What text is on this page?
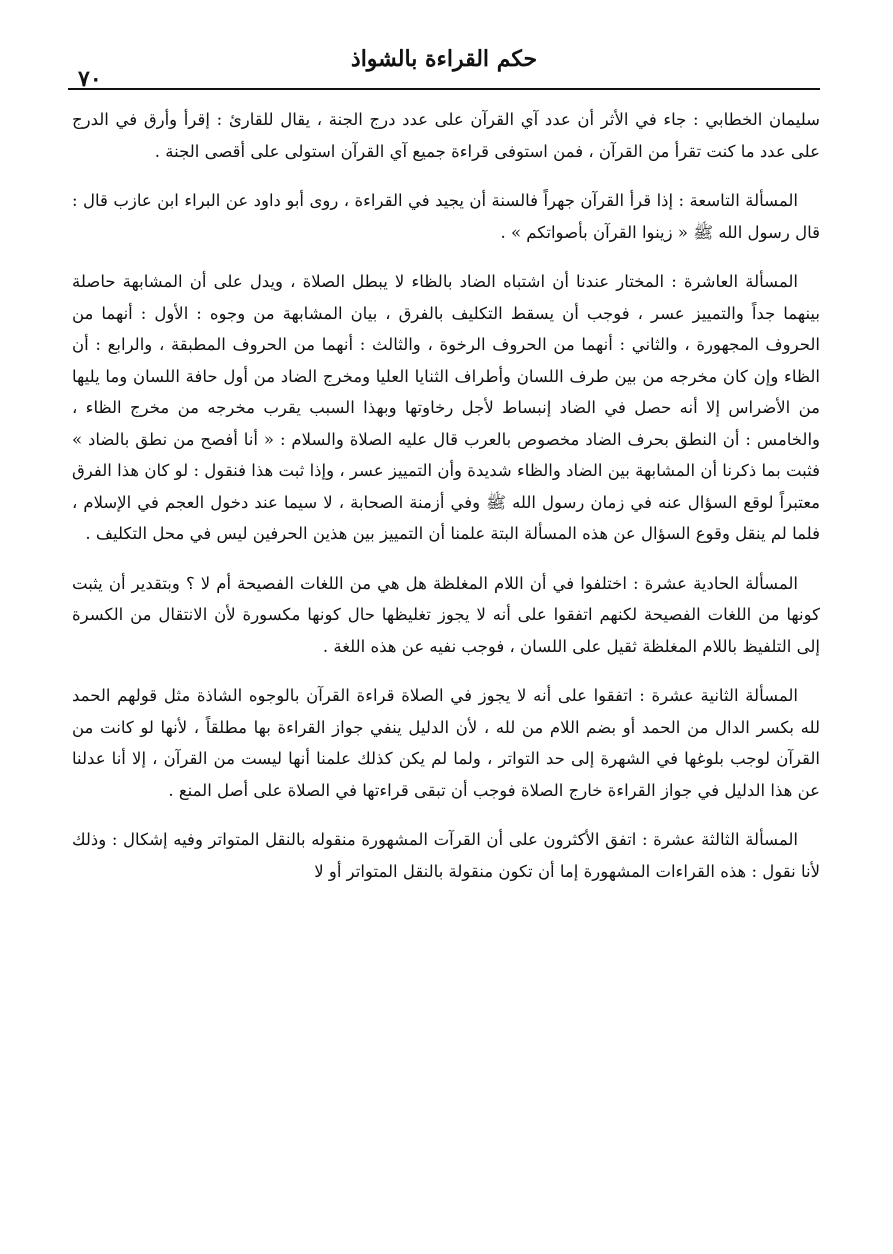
حكم القراءة بالشواذ
٧٠

سليمان الخطابي : جاء في الأثر أن عدد آي القرآن على عدد درج الجنة ، يقال للقارئ : إقرأ وأرق في الدرج على عدد ما كنت تقرأ من القرآن ، فمن استوفى قراءة جميع آي القرآن استولى على أقصى الجنة .

المسألة التاسعة : إذا قرأ القرآن جهراً فالسنة أن يجيد في القراءة ، روى أبو داود عن البراء ابن عازب قال : قال رسول الله ﷺ « زينوا القرآن بأصواتكم » .

المسألة العاشرة : المختار عندنا أن اشتباه الضاد بالظاء لا يبطل الصلاة ، ويدل على أن المشابهة حاصلة بينهما جداً والتمييز عسر ، فوجب أن يسقط التكليف بالفرق ، بيان المشابهة من وجوه : الأول : أنهما من الحروف المجهورة ، والثاني : أنهما من الحروف الرخوة ، والثالث : أنهما من الحروف المطبقة ، والرابع : أن الظاء وإن كان مخرجه من بين طرف اللسان وأطراف الثنايا العليا ومخرج الضاد من أول حافة اللسان وما يليها من الأضراس إلا أنه حصل في الضاد إنبساط لأجل رخاوتها وبهذا السبب يقرب مخرجه من مخرج الظاء ، والخامس : أن النطق بحرف الضاد مخصوص بالعرب قال عليه الصلاة والسلام : « أنا أفصح من نطق بالضاد » فثبت بما ذكرنا أن المشابهة بين الضاد والظاء شديدة وأن التمييز عسر ، وإذا ثبت هذا فنقول : لو كان هذا الفرق معتبراً لوقع السؤال عنه في زمان رسول الله ﷺ وفي أزمنة الصحابة ، لا سيما عند دخول العجم في الإسلام ، فلما لم ينقل وقوع السؤال عن هذه المسألة البتة علمنا أن التمييز بين هذين الحرفين ليس في محل التكليف .

المسألة الحادية عشرة : اختلفوا في أن اللام المغلظة هل هي من اللغات الفصيحة أم لا ؟ وبتقدير أن يثبت كونها من اللغات الفصيحة لكنهم اتفقوا على أنه لا يجوز تغليظها حال كونها مكسورة لأن الانتقال من الكسرة إلى التلفيظ باللام المغلظة ثقيل على اللسان ، فوجب نفيه عن هذه اللغة .

المسألة الثانية عشرة : اتفقوا على أنه لا يجوز في الصلاة قراءة القرآن بالوجوه الشاذة مثل قولهم الحمد لله بكسر الدال من الحمد أو بضم اللام من لله ، لأن الدليل ينفي جواز القراءة بها مطلقاً ، لأنها لو كانت من القرآن لوجب بلوغها في الشهرة إلى حد التواتر ، ولما لم يكن كذلك علمنا أنها ليست من القرآن ، إلا أنا عدلنا عن هذا الدليل في جواز القراءة خارج الصلاة فوجب أن تبقى قراءتها في الصلاة على أصل المنع .

المسألة الثالثة عشرة : اتفق الأكثرون على أن القرآت المشهورة منقوله بالنقل المتواتر وفيه إشكال : وذلك لأنا نقول : هذه القراءات المشهورة إما أن تكون منقولة بالنقل المتواتر أو لا
